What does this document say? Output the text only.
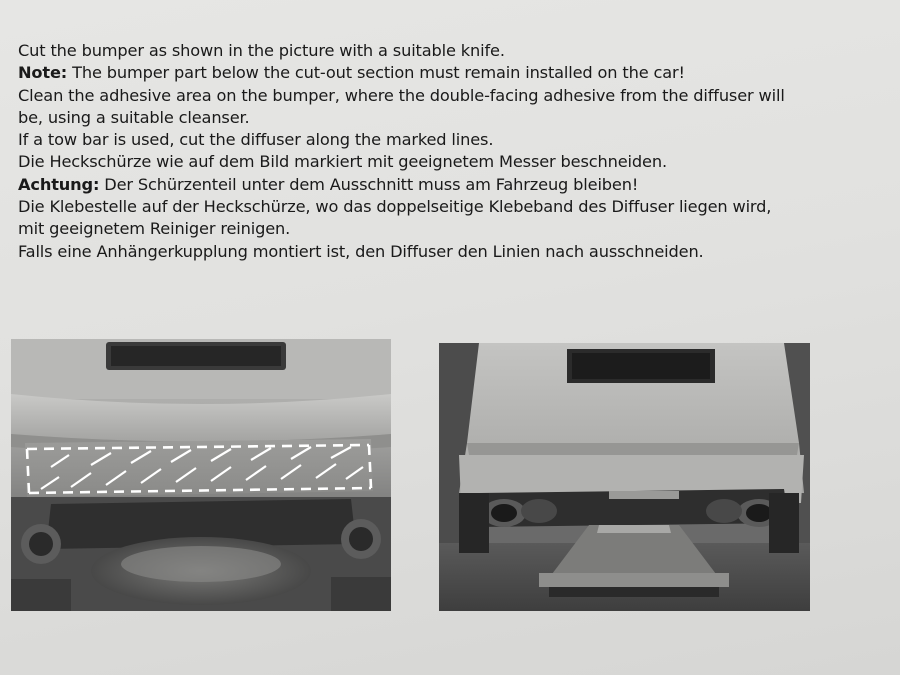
Cut the bumper as shown in the picture with a suitable knife.
Note: The bumper part below the cut-out section must remain installed on the car!
Clean the adhesive area on the bumper, where the double-facing adhesive from the diffuser will
be, using a suitable cleanser.
If a tow bar is used, cut the diffuser along the marked lines.
Die Heckschürze wie auf dem Bild markiert mit geeignetem Messer beschneiden.
Achtung: Der Schürzenteil unter dem Ausschnitt muss am Fahrzeug bleiben!
Die Klebestelle auf der Heckschürze, wo das doppelseitige Klebeband des Diffuser liegen wird,
mit geeignetem Reiniger reinigen.
Falls eine Anhängerkupplung montiert ist, den Diffuser den Linien nach ausschneiden.
